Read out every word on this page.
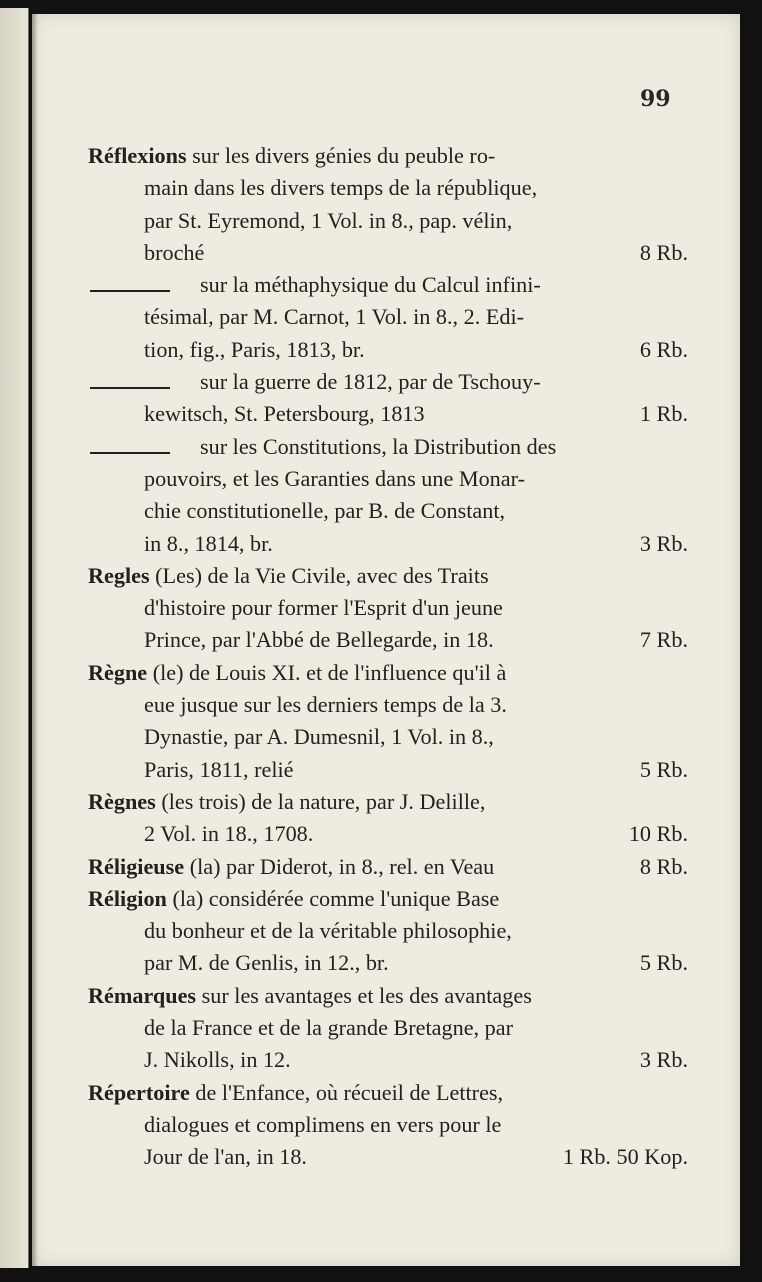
99
Réflexions sur les divers génies du peuble ro-
main dans les divers temps de la république,
par St. Eyremond, 1 Vol. in 8., pap. vélin,
broché	8 Rb.
sur la méthaphysique du Calcul infini-
tésimal, par M. Carnot, 1 Vol. in 8., 2. Edi-
tion, fig., Paris, 1813, br.	6 Rb.
sur la guerre de 1812, par de Tschouy-
kewitsch, St. Petersbourg, 1813	1 Rb.
sur les Constitutions, la Distribution des
pouvoirs, et les Garanties dans une Monar-
chie constitutionelle, par B. de Constant,
in 8., 1814, br.	3 Rb.
Regles (Les) de la Vie Civile, avec des Traits
d'histoire pour former l'Esprit d'un jeune
Prince, par l'Abbé de Bellegarde, in 18.	7 Rb.
Règne (le) de Louis XI. et de l'influence qu'il à
eue jusque sur les derniers temps de la 3.
Dynastie, par A. Dumesnil, 1 Vol. in 8.,
Paris, 1811, relié	5 Rb.
Règnes (les trois) de la nature, par J. Delille,
2 Vol. in 18., 1708.	10 Rb.
Réligieuse (la) par Diderot, in 8., rel. en Veau	8 Rb.
Réligion (la) considérée comme l'unique Base
du bonheur et de la véritable philosophie,
par M. de Genlis, in 12., br.	5 Rb.
Rémarques sur les avantages et les des avantages
de la France et de la grande Bretagne, par
J. Nikolls, in 12.	3 Rb.
Répertoire de l'Enfance, où récueil de Lettres,
dialogues et complimens en vers pour le
Jour de l'an, in 18.	1 Rb. 50 Kop.
